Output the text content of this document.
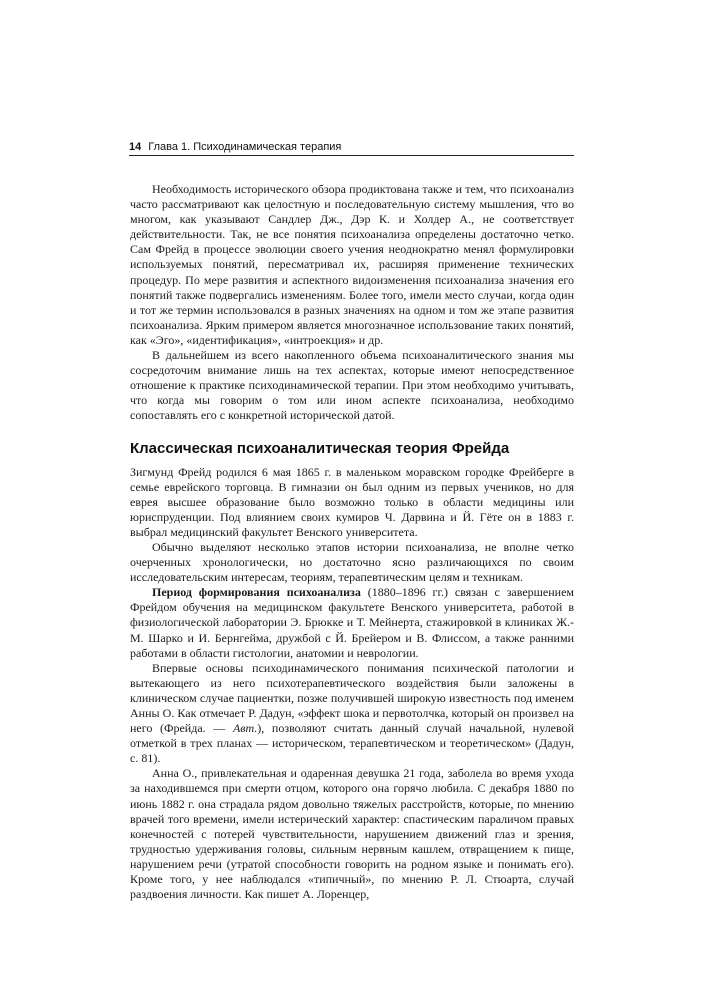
14 Глава 1. Психодинамическая терапия

Необходимость исторического обзора продиктована также и тем, что психоанализ часто рассматривают как целостную и последовательную систему мышления, что во многом, как указывают Сандлер Дж., Дэр К. и Холдер А., не соответствует действительности. Так, не все понятия психоанализа определены достаточно четко. Сам Фрейд в процессе эволюции своего учения неоднократно менял формулировки используемых понятий, пересматривал их, расширяя применение технических процедур. По мере развития и аспектного видоизменения психоанализа значения его понятий также подвергались изменениям. Более того, имели место случаи, когда один и тот же термин использовался в разных значениях на одном и том же этапе развития психоанализа. Ярким примером является многозначное использование таких понятий, как «Эго», «идентификация», «интроекция» и др.

В дальнейшем из всего накопленного объема психоаналитического знания мы сосредоточим внимание лишь на тех аспектах, которые имеют непосредственное отношение к практике психодинамической терапии. При этом необходимо учитывать, что когда мы говорим о том или ином аспекте психоанализа, необходимо сопоставлять его с конкретной исторической датой.

Классическая психоаналитическая теория Фрейда

Зигмунд Фрейд родился 6 мая 1865 г. в маленьком моравском городке Фрейберге в семье еврейского торговца. В гимназии он был одним из первых учеников, но для еврея высшее образование было возможно только в области медицины или юриспруденции. Под влиянием своих кумиров Ч. Дарвина и Й. Гёте он в 1883 г. выбрал медицинский факультет Венского университета.

Обычно выделяют несколько этапов истории психоанализа, не вполне четко очерченных хронологически, но достаточно ясно различающихся по своим исследовательским интересам, теориям, терапевтическим целям и техникам.

Период формирования психоанализа (1880–1896 гг.) связан с завершением Фрейдом обучения на медицинском факультете Венского университета, работой в физиологической лаборатории Э. Брюкке и Т. Мейнерта, стажировкой в клиниках Ж.-М. Шарко и И. Бернгейма, дружбой с Й. Брейером и В. Флиссом, а также ранними работами в области гистологии, анатомии и неврологии.

Впервые основы психодинамического понимания психической патологии и вытекающего из него психотерапевтического воздействия были заложены в клиническом случае пациентки, позже получившей широкую известность под именем Анны О. Как отмечает Р. Дадун, «эффект шока и первотолчка, который он произвел на него (Фрейда. — Авт.), позволяют считать данный случай начальной, нулевой отметкой в трех планах — историческом, терапевтическом и теоретическом» (Дадун, с. 81).

Анна О., привлекательная и одаренная девушка 21 года, заболела во время ухода за находившемся при смерти отцом, которого она горячо любила. С декабря 1880 по июнь 1882 г. она страдала рядом довольно тяжелых расстройств, которые, по мнению врачей того времени, имели истерический характер: спастическим параличом правых конечностей с потерей чувствительности, нарушением движений глаз и зрения, трудностью удерживания головы, сильным нервным кашлем, отвращением к пище, нарушением речи (утратой способности говорить на родном языке и понимать его). Кроме того, у нее наблюдался «типичный», по мнению Р. Л. Стюарта, случай раздвоения личности. Как пишет А. Лоренцер,
